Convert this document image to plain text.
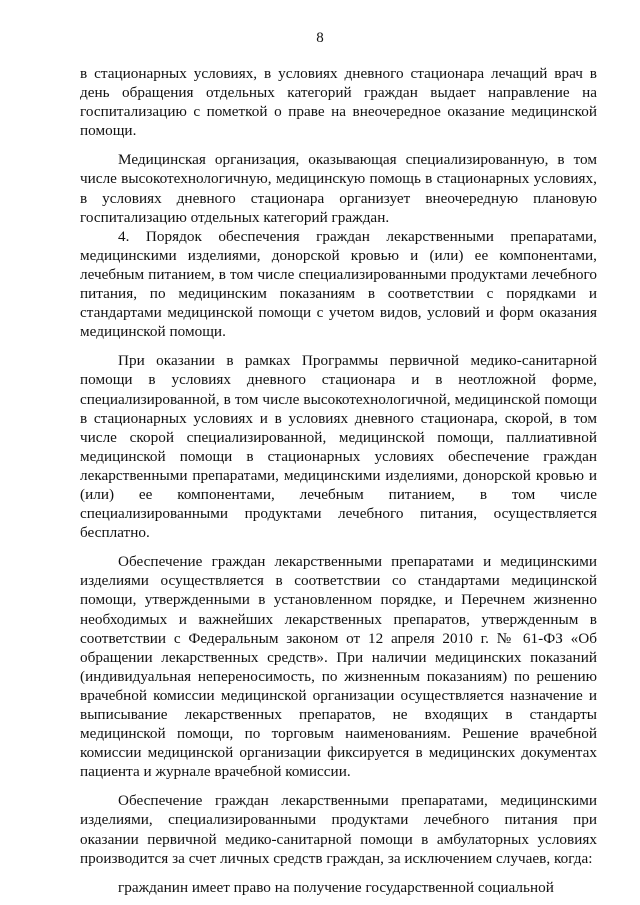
8

в стационарных условиях, в условиях дневного стационара лечащий врач в день обращения отдельных категорий граждан выдает направление на госпитализацию с пометкой о праве на внеочередное оказание медицинской помощи.

Медицинская организация, оказывающая специализированную, в том числе высокотехнологичную, медицинскую помощь в стационарных условиях, в условиях дневного стационара организует внеочередную плановую госпитализацию отдельных категорий граждан.

4. Порядок обеспечения граждан лекарственными препаратами, медицинскими изделиями, донорской кровью и (или) ее компонентами, лечебным питанием, в том числе специализированными продуктами лечебного питания, по медицинским показаниям в соответствии с порядками и стандартами медицинской помощи с учетом видов, условий и форм оказания медицинской помощи.

При оказании в рамках Программы первичной медико-санитарной помощи в условиях дневного стационара и в неотложной форме, специализированной, в том числе высокотехнологичной, медицинской помощи в стационарных условиях и в условиях дневного стационара, скорой, в том числе скорой специализированной, медицинской помощи, паллиативной медицинской помощи в стационарных условиях обеспечение граждан лекарственными препаратами, медицинскими изделиями, донорской кровью и (или) ее компонентами, лечебным питанием, в том числе специализированными продуктами лечебного питания, осуществляется бесплатно.

Обеспечение граждан лекарственными препаратами и медицинскими изделиями осуществляется в соответствии со стандартами медицинской помощи, утвержденными в установленном порядке, и Перечнем жизненно необходимых и важнейших лекарственных препаратов, утвержденным в соответствии с Федеральным законом от 12 апреля 2010 г. № 61-ФЗ «Об обращении лекарственных средств». При наличии медицинских показаний (индивидуальная непереносимость, по жизненным показаниям) по решению врачебной комиссии медицинской организации осуществляется назначение и выписывание лекарственных препаратов, не входящих в стандарты медицинской помощи, по торговым наименованиям. Решение врачебной комиссии медицинской организации фиксируется в медицинских документах пациента и журнале врачебной комиссии.

Обеспечение граждан лекарственными препаратами, медицинскими изделиями, специализированными продуктами лечебного питания при оказании первичной медико-санитарной помощи в амбулаторных условиях производится за счет личных средств граждан, за исключением случаев, когда:

гражданин имеет право на получение государственной социальной
